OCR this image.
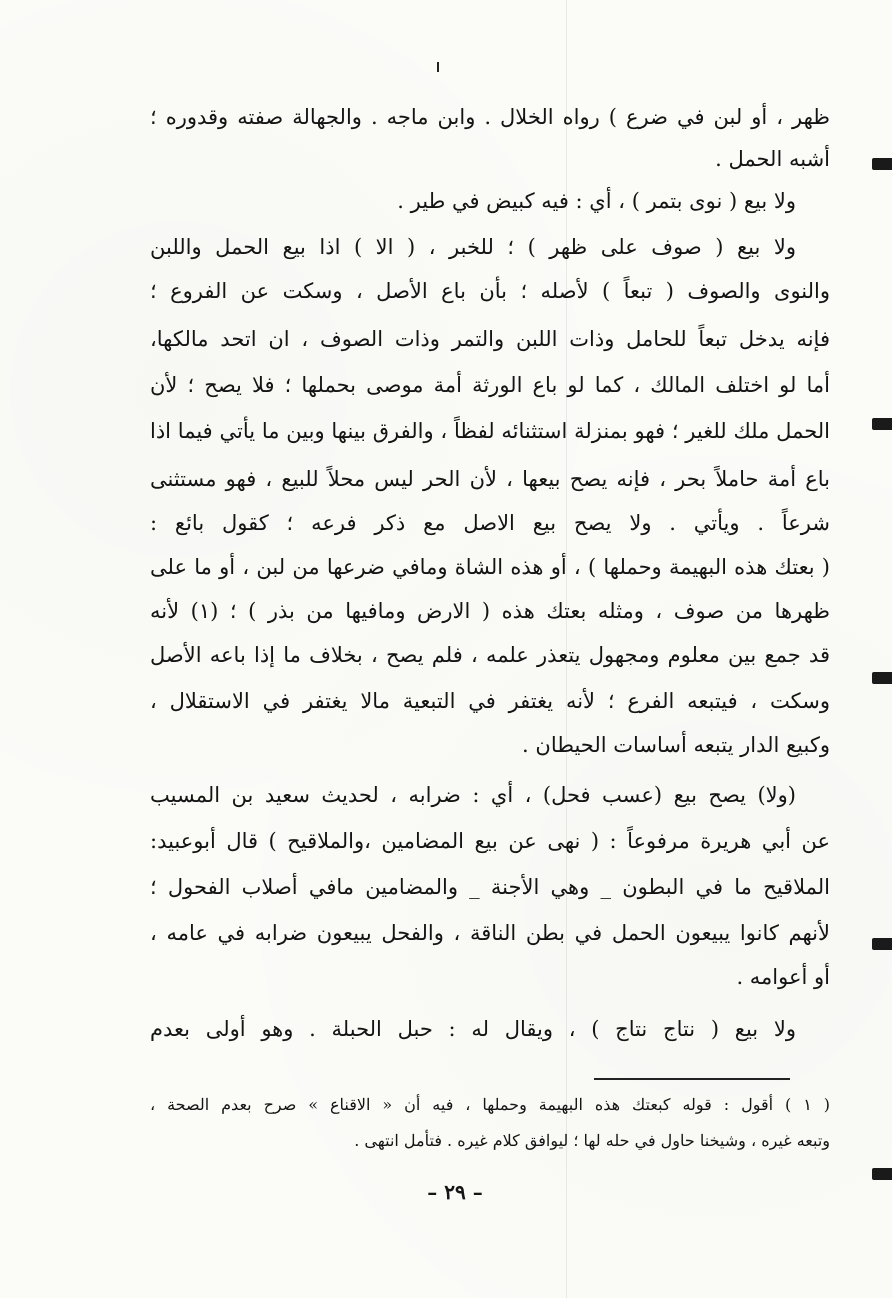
ظهر ، أو لبن في ضرع ) رواه الخلال . وابن ماجه . والجهالة صفته وقدوره ؛
أشبه الحمل .
ولا بيع ( نوى بتمر ) ، أي : فيه كبيض في طير .
ولا بيع ( صوف على ظهر ) ؛ للخبر ، ( الا ) اذا بيع الحمل واللبن
والنوى والصوف ( تبعاً ) لأصله ؛ بأن باع الأصل ، وسكت عن الفروع ؛
فإنه يدخل تبعاً للحامل وذات اللبن والتمر وذات الصوف ، ان اتحد مالكها،
أما لو اختلف المالك ، كما لو باع الورثة أمة موصى بحملها ؛ فلا يصح ؛ لأن
الحمل ملك للغير ؛ فهو بمنزلة استثنائه لفظاً ، والفرق بينها وبين ما يأتي فيما اذا
باع أمة حاملاً بحر ، فإنه يصح بيعها ، لأن الحر ليس محلاً للبيع ، فهو مستثنى
شرعاً . ويأتي . ولا يصح بيع الاصل مع ذكر فرعه ؛ كقول بائع :
( بعتك هذه البهيمة وحملها ) ، أو هذه الشاة ومافي ضرعها من لبن ، أو ما على
ظهرها من صوف ، ومثله بعتك هذه ( الارض ومافيها من بذر ) ؛ (١) لأنه
قد جمع بين معلوم ومجهول يتعذر علمه ، فلم يصح ، بخلاف ما إذا باعه الأصل
وسكت ، فيتبعه الفرع ؛ لأنه يغتفر في التبعية مالا يغتفر في الاستقلال ،
وكبيع الدار يتبعه أساسات الحيطان .
(ولا) يصح بيع (عسب فحل) ، أي : ضرابه ، لحديث سعيد بن المسيب
عن أبي هريرة مرفوعاً : ( نهى عن بيع المضامين ،والملاقيح ) قال أبوعبيد:
الملاقيح ما في البطون _ وهي الأجنة _ والمضامين مافي أصلاب الفحول ؛
لأنهم كانوا يبيعون الحمل في بطن الناقة ، والفحل يبيعون ضرابه في عامه ،
أو أعوامه .
ولا بيع ( نتاج نتاج ) ، ويقال له : حبل الحبلة . وهو أولى بعدم
( ١ ) أقول : قوله كبعتك هذه البهيمة وحملها ، فيه أن « الاقناع » صرح بعدم الصحة ،
وتبعه غيره ، وشيخنا حاول في حله لها ؛ ليوافق كلام غيره . فتأمل انتهى .
– ٢٩ –
